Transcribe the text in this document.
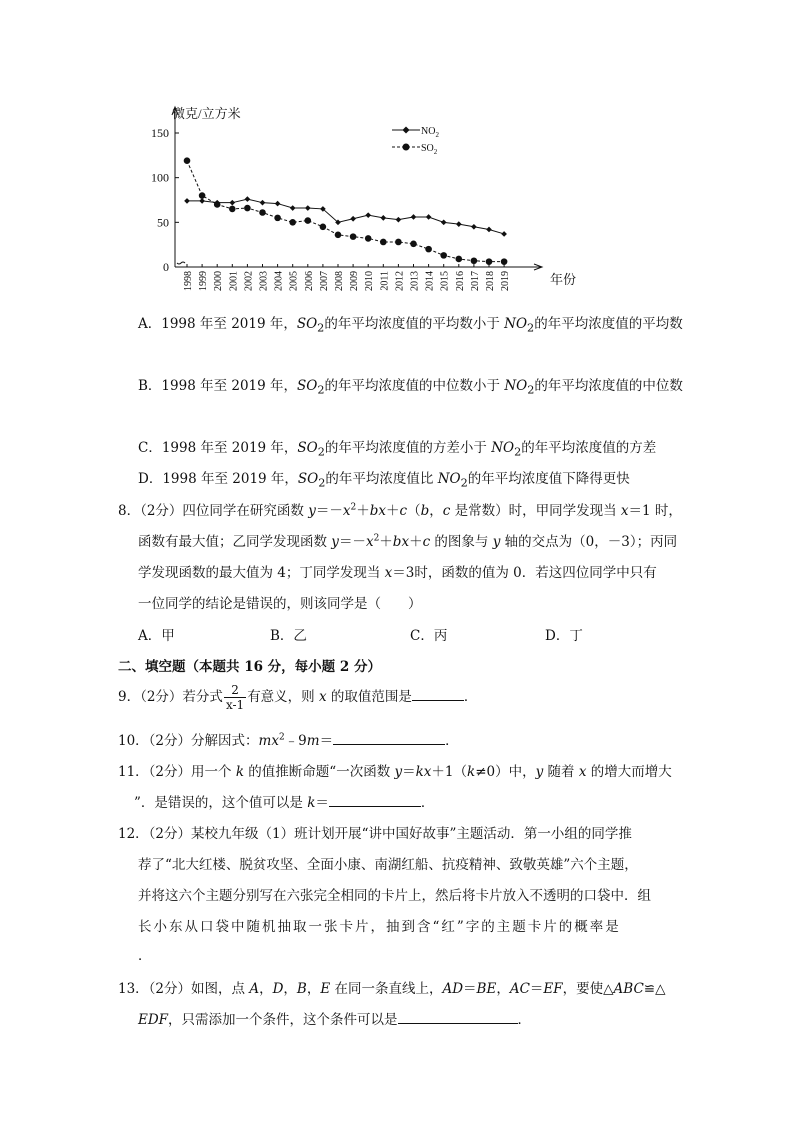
150
100
50
0
1998 1999 2000 2001 2002 2003 2004 2005 2006 2007 2008 2009 2010 2011 2012 2013 2014 2015 2016 2017 2018 2019
微克/立方米
年份
$NO_2$
$SO_2$
A．1998 年至 2019 年，$SO_2$的年平均浓度值的平均数小于 $NO_2$的年平均浓度值的平均数
B．1998 年至 2019 年，$SO_2$的年平均浓度值的中位数小于 $NO_2$的年平均浓度值的中位数
C．1998 年至 2019 年，$SO_2$的年平均浓度值的方差小于 $NO_2$的年平均浓度值的方差
D．1998 年至 2019 年，$SO_2$的年平均浓度值比 $NO_2$的年平均浓度值下降得更快
8．（2分）四位同学在研究函数 $y=-x^2+bx+c(b$，c 是常数）时，甲同学发现当 x＝1 时，
函数有最大值；乙同学发现函数 $y=-x^2+bx+c$ 的图象与 y 轴的交点为（0，－3）；丙同
学发现函数的最大值为 4；丁同学发现当 x＝3时，函数的值为 0．若这四位同学中只有
一位同学的结论是错误的，则该同学是（　　）
A．甲	B．乙	C．丙	D．丁
二、填空题（本题共 16 分，每小题 2 分）
9．（2分）若分式 $\frac{2}{x-1}$ 有意义，则 x 的取值范围是	．
10．（2分）分解因式：$mx^2﹣9m=$	．
11．（2分）用一个 k 的值推断命题“一次函数 y＝kx＋1（k≠0）中，y 随着 x 的增大而增大
”．是错误的，这个值可以是 k＝	．
12．（2分）某校九年级（1）班计划开展“讲中国好故事”主题活动．第一小组的同学推
荐了“北大红楼、脱贫攻坚、全面小康、南湖红船、抗疫精神、致敬英雄”六个主题，
并将这六个主题分别写在六张完全相同的卡片上，然后将卡片放入不透明的口袋中．组
长小东从口袋中随机抽取一张卡片，抽到含“红”字的主题卡片的概率是
．
13．（2分）如图，点 A，D，B，E 在同一条直线上，AD＝BE，AC＝EF，要使△ABC≌△
EDF，只需添加一个条件，这个条件可以是	．
